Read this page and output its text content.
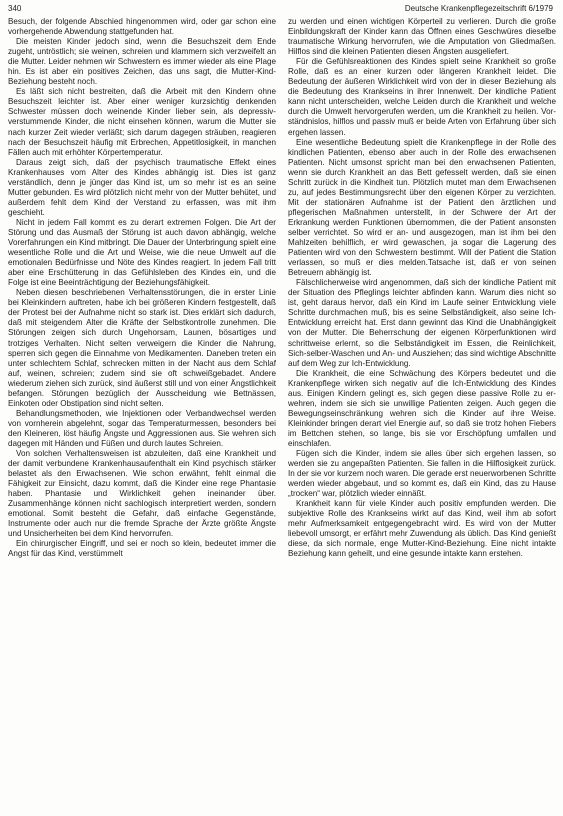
340	Deutsche Krankenpflegezeitschrift 6/1979

Besuch, der folgende Abschied hingenommen wird, oder gar schon eine vorhergehende Abwendung stattgefunden hat.

Die meisten Kinder jedoch sind, wenn die Besuchszeit dem Ende zugeht, untröstlich; sie weinen, schreien und klammern sich verzweifelt an die Mutter. Leider nehmen wir Schwestern es immer wieder als eine Plage hin. Es ist aber ein positives Zeichen, das uns sagt, die Mutter-Kind-Beziehung besteht noch.

Es läßt sich nicht bestreiten, daß die Arbeit mit den Kindern ohne Besuchszeit leichter ist. Aber einer weniger kurzsichtig denkenden Schwester müssen doch weinende Kinder lieber sein, als depressiv-verstummende Kinder, die nicht einsehen können, warum die Mutter sie nach kurzer Zeit wieder verläßt; sich darum dagegen sträuben, reagieren nach der Besuchszeit häufig mit Erbrechen, Appetitlosigkeit, in manchen Fällen auch mit erhöhter Körpertemperatur.

Daraus zeigt sich, daß der psychisch traumatische Effekt eines Krankenhauses vom Alter des Kindes abhängig ist. Dies ist ganz verständlich, denn je jünger das Kind ist, um so mehr ist es an seine Mutter gebunden. Es wird plötzlich nicht mehr von der Mutter behütet, und außerdem fehlt dem Kind der Verstand zu erfassen, was mit ihm geschieht.

Nicht in jedem Fall kommt es zu derart extremen Folgen. Die Art der Störung und das Ausmaß der Störung ist auch davon abhängig, welche Vorerfahrungen ein Kind mitbringt. Die Dauer der Unterbringung spielt eine wesentliche Rolle und die Art und Weise, wie die neue Umwelt auf die emotionalen Bedürfnisse und Nöte des Kindes reagiert. In jedem Fall tritt aber eine Erschütterung in das Gefühlsleben des Kindes ein, und die Folge ist eine Beeinträchtigung der Beziehungsfähigkeit.

Neben diesen beschriebenen Verhaltensstörungen, die in erster Linie bei Kleinkindern auftreten, habe ich bei größeren Kindern festgestellt, daß der Protest bei der Aufnahme nicht so stark ist. Dies erklärt sich dadurch, daß mit steigendem Alter die Kräfte der Selbstkontrolle zunehmen. Die Störungen zeigen sich durch Ungehorsam, Launen, bösartiges und trotziges Verhalten. Nicht selten verweigern die Kinder die Nahrung, sperren sich gegen die Einnahme von Medikamenten. Daneben treten ein unter schlechtem Schlaf, schrecken mitten in der Nacht aus dem Schlaf auf, weinen, schreien; zudem sind sie oft schweißgebadet. Andere wiederum ziehen sich zurück, sind äußerst still und von einer Ängstlichkeit befangen. Störungen bezüglich der Ausscheidung wie Bettnässen, Einkoten oder Obstipation sind nicht selten.

Behandlungsmethoden, wie Injektionen oder Verbandwechsel werden von vornherein abgelehnt, sogar das Temperaturmessen, besonders bei den Kleineren, löst häufig Ängste und Aggressionen aus. Sie wehren sich dagegen mit Händen und Füßen und durch lautes Schreien.

Von solchen Verhaltensweisen ist abzuleiten, daß eine Krankheit und der damit verbundene Krankenhausaufenthalt ein Kind psychisch stärker belastet als den Erwachsenen. Wie schon erwähnt, fehlt einmal die Fähigkeit zur Einsicht, dazu kommt, daß die Kinder eine rege Phantasie haben. Phantasie und Wirklichkeit gehen ineinander über. Zusammenhänge können nicht sachlogisch interpretiert werden, sondern emotional. Somit besteht die Gefahr, daß einfache Gegenstände, Instrumente oder auch nur die fremde Sprache der Ärzte größte Ängste und Unsicherheiten bei dem Kind hervorrufen.

Ein chirurgischer Eingriff, und sei er noch so klein, bedeutet immer die Angst für das Kind, verstümmelt

zu werden und einen wichtigen Körperteil zu verlieren. Durch die große Einbildungskraft der Kinder kann das Öffnen eines Geschwüres dieselbe traumatische Wirkung hervorrufen, wie die Amputation von Gliedmaßen. Hilflos sind die kleinen Patienten diesen Ängsten ausgeliefert.

Für die Gefühlsreaktionen des Kindes spielt seine Krankheit so große Rolle, daß es an einer kurzen oder längeren Krankheit leidet. Die Bedeutung der äußeren Wirklichkeit wird von der in dieser Beziehung als die Bedeutung des Krankseins in ihrer Innenwelt. Der kindliche Patient kann nicht unterscheiden, welche Leiden durch die Krankheit und welche durch die Umwelt hervorgerufen werden, um die Krankheit zu heilen. Vorständnislos, hilflos und passiv muß er beide Arten von Erfahrung über sich ergehen lassen.

Eine wesentliche Bedeutung spielt die Krankenpflege in der Rolle des kindlichen Patienten, ebenso aber auch in der Rolle des erwachsenen Patienten. Nicht umsonst spricht man bei den erwachsenen Patienten, wenn sie durch Krankheit an das Bett gefesselt werden, daß sie einen Schritt zurück in die Kindheit tun. Plötzlich mutet man dem Erwachsenen zu, auf jedes Bestimmungsrecht über den eigenen Körper zu verzichten. Mit der stationären Aufnahme ist der Patient den ärztlichen und pflegerischen Maßnahmen unterstellt, in der Schwere der Art der Erkrankung werden Funktionen übernommen, die der Patient ansonsten selber verrichtet. So wird er an- und ausgezogen, man ist ihm bei den Mahlzeiten behilflich, er wird gewaschen, ja sogar die Lagerung des Patienten wird von den Schwestern bestimmt. Will der Patient die Station verlassen, so muß er dies melden.Tatsache ist, daß er von seinen Betreuern abhängig ist.

Fälschlicherweise wird angenommen, daß sich der kindliche Patient mit der Situation des Pfleglings leichter abfinden kann. Warum dies nicht so ist, geht daraus hervor, daß ein Kind im Laufe seiner Entwicklung viele Schritte durchmachen muß, bis es seine Selbständigkeit, also seine Ich-Entwicklung erreicht hat. Erst dann gewinnt das Kind die Unabhängigkeit von der Mutter. Die Beherrschung der eigenen Körperfunktionen wird schrittweise erlernt, so die Selbständigkeit im Essen, die Reinlichkeit, Sich-selber-Waschen und An- und Ausziehen; das sind wichtige Abschnitte auf dem Weg zur Ich-Entwicklung.

Die Krankheit, die eine Schwächung des Körpers bedeutet und die Krankenpflege wirken sich negativ auf die Ich-Entwicklung des Kindes aus. Einigen Kindern gelingt es, sich gegen diese passive Rolle zu erwehren, indem sie sich sie unwillige Patienten zeigen. Auch gegen die Bewegungseinschränkung wehren sich die Kinder auf ihre Weise. Kleinkinder bringen derart viel Energie auf, so daß sie trotz hohen Fiebers im Bettchen stehen, so lange, bis sie vor Erschöpfung umfallen und einschlafen.

Fügen sich die Kinder, indem sie alles über sich ergehen lassen, so werden sie zu angepaßten Patienten. Sie fallen in die Hilflosigkeit zurück. In der sie vor kurzem noch waren. Die gerade erst neuerworbenen Schritte werden wieder abgebaut, und so kommt es, daß ein Kind, das zu Hause „trocken“ war, plötzlich wieder einnäßt.

Krankheit kann für viele Kinder auch positiv empfunden werden. Die subjektive Rolle des Krankseins wirkt auf das Kind, weil ihm ab sofort mehr Aufmerksamkeit entgegengebracht wird. Es wird von der Mutter liebevoll umsorgt, er erfährt mehr Zuwendung als üblich. Das Kind genießt diese, da sich normale, enge Mutter-Kind-Beziehung. Eine nicht intakte Beziehung kann geheilt, und eine gesunde intakte kann erstehen.
